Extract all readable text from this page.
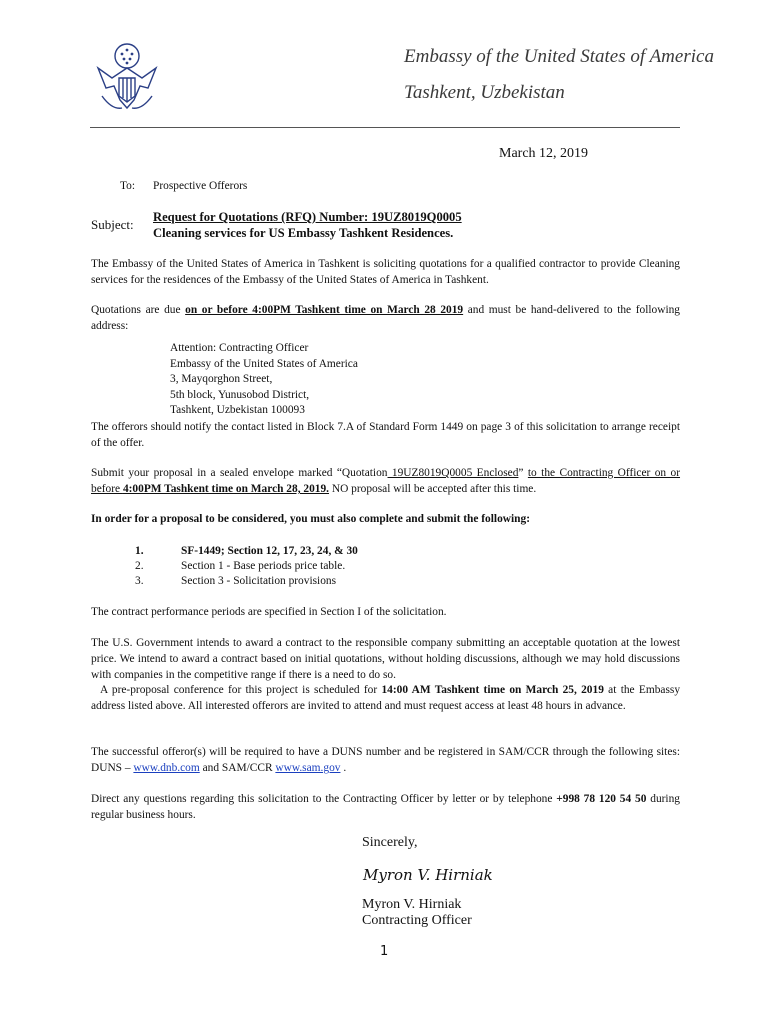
Embassy of the United States of America
Tashkent, Uzbekistan
March 12, 2019
To: Prospective Offerors
Subject: Request for Quotations (RFQ) Number: 19UZ8019Q0005
Cleaning services for US Embassy Tashkent Residences.
The Embassy of the United States of America in Tashkent is soliciting quotations for a qualified contractor to provide Cleaning services for the residences of the Embassy of the United States of America in Tashkent.
Quotations are due on or before 4:00PM Tashkent time on March 28 2019 and must be hand-delivered to the following address:
Attention: Contracting Officer
Embassy of the United States of America
3, Mayqorghon Street,
5th block, Yunusobod District,
Tashkent, Uzbekistan 100093
The offerors should notify the contact listed in Block 7.A of Standard Form 1449 on page 3 of this solicitation to arrange receipt of the offer.
Submit your proposal in a sealed envelope marked “Quotation 19UZ8019Q0005 Enclosed” to the Contracting Officer on or before 4:00PM Tashkent time on March 28, 2019. NO proposal will be accepted after this time.
In order for a proposal to be considered, you must also complete and submit the following:
1.	SF-1449; Section 12, 17, 23, 24, & 30
2.	Section 1 - Base periods price table.
3.	Section 3 - Solicitation provisions
The contract performance periods are specified in Section I of the solicitation.
The U.S. Government intends to award a contract to the responsible company submitting an acceptable quotation at the lowest price. We intend to award a contract based on initial quotations, without holding discussions, although we may hold discussions with companies in the competitive range if there is a need to do so.
A pre-proposal conference for this project is scheduled for 14:00 AM Tashkent time on March 25, 2019 at the Embassy address listed above. All interested offerors are invited to attend and must request access at least 48 hours in advance.
The successful offeror(s) will be required to have a DUNS number and be registered in SAM/CCR through the following sites: DUNS – www.dnb.com and SAM/CCR www.sam.gov .
Direct any questions regarding this solicitation to the Contracting Officer by letter or by telephone +998 78 120 54 50 during regular business hours.
Sincerely,
Myron V. Hirniak
Myron V. Hirniak
Contracting Officer
1
